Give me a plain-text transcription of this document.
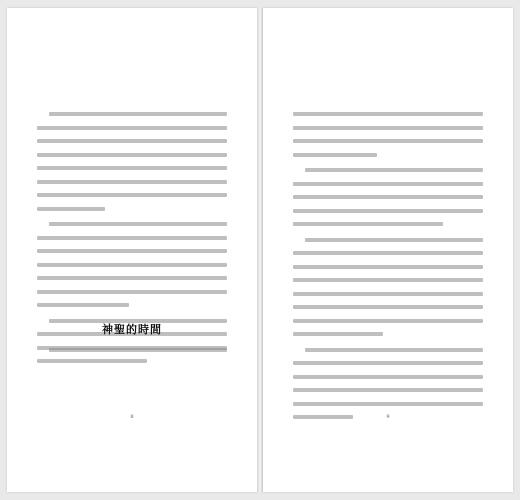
神聖的時間
8	9
